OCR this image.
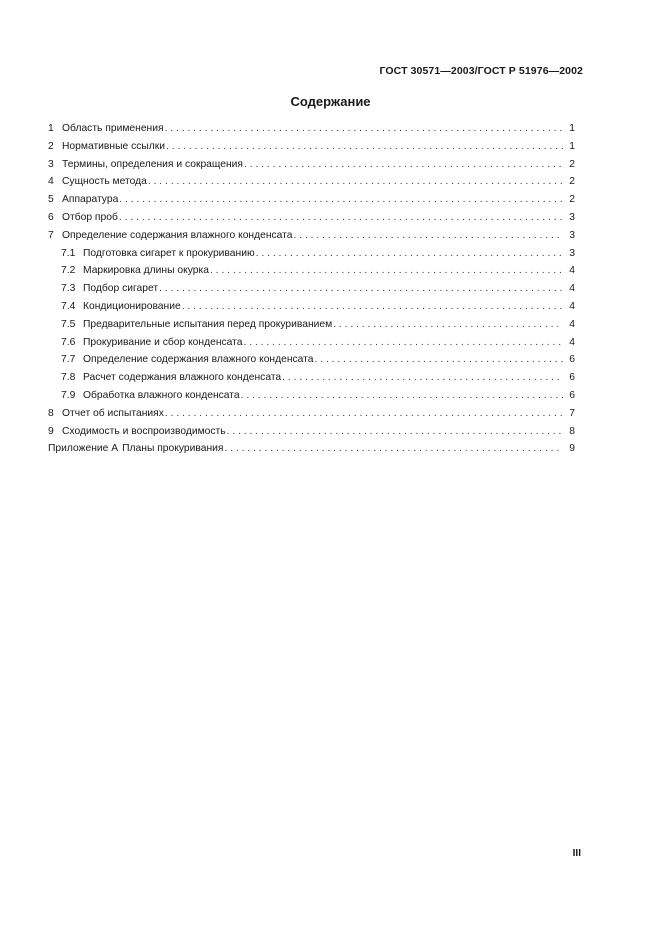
ГОСТ 30571—2003/ГОСТ Р 51976—2002
Содержание
1 Область применения . . .	1
2 Нормативные ссылки . . .	1
3 Термины, определения и сокращения . . .	2
4 Сущность метода . . .	2
5 Аппаратура . . .	2
6 Отбор проб . . .	3
7 Определение содержания влажного конденсата . . .	3
7.1 Подготовка сигарет к прокуриванию . . .	3
7.2 Маркировка длины окурка . . .	4
7.3 Подбор сигарет . . .	4
7.4 Кондиционирование . . .	4
7.5 Предварительные испытания перед прокуриванием . . .	4
7.6 Прокуривание и сбор конденсата . . .	4
7.7 Определение содержания влажного конденсата . . .	6
7.8 Расчет содержания влажного конденсата . . .	6
7.9 Обработка влажного конденсата . . .	6
8 Отчет об испытаниях . . .	7
9 Сходимость и воспроизводимость . . .	8
Приложение А Планы прокуривания . . .	9
III
